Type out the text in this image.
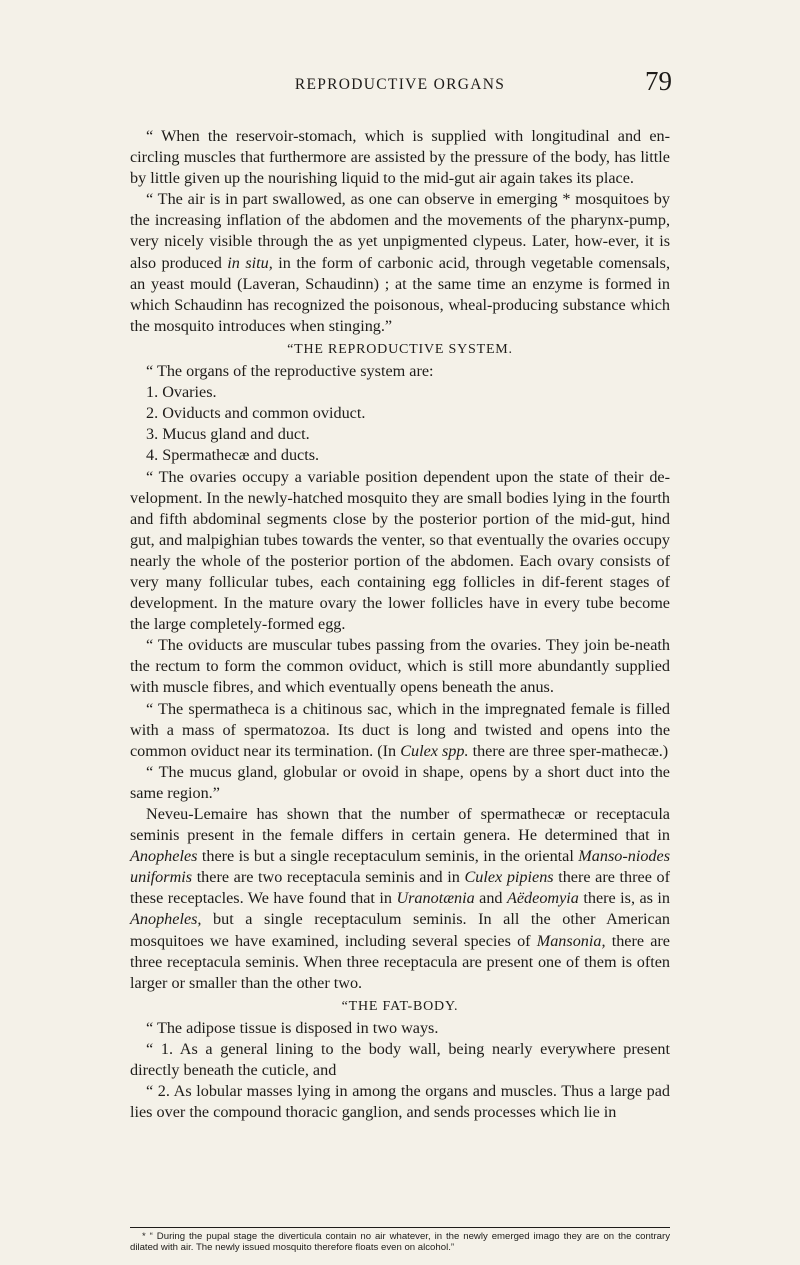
REPRODUCTIVE ORGANS	79

“ When the reservoir-stomach, which is supplied with longitudinal and en-circling muscles that furthermore are assisted by the pressure of the body, has little by little given up the nourishing liquid to the mid-gut air again takes its place.

“ The air is in part swallowed, as one can observe in emerging * mosquitoes by the increasing inflation of the abdomen and the movements of the pharynx-pump, very nicely visible through the as yet unpigmented clypeus. Later, how-ever, it is also produced in situ, in the form of carbonic acid, through vegetable comensals, an yeast mould (Laveran, Schaudinn) ; at the same time an enzyme is formed in which Schaudinn has recognized the poisonous, wheal-producing substance which the mosquito introduces when stinging.”

“THE REPRODUCTIVE SYSTEM.

“ The organs of the reproductive system are:

1. Ovaries.

2. Oviducts and common oviduct.

3. Mucus gland and duct.

4. Spermathecæ and ducts.

“ The ovaries occupy a variable position dependent upon the state of their de-velopment. In the newly-hatched mosquito they are small bodies lying in the fourth and fifth abdominal segments close by the posterior portion of the mid-gut, hind gut, and malpighian tubes towards the venter, so that eventually the ovaries occupy nearly the whole of the posterior portion of the abdomen. Each ovary consists of very many follicular tubes, each containing egg follicles in dif-ferent stages of development. In the mature ovary the lower follicles have in every tube become the large completely-formed egg.

“ The oviducts are muscular tubes passing from the ovaries. They join be-neath the rectum to form the common oviduct, which is still more abundantly supplied with muscle fibres, and which eventually opens beneath the anus.

“ The spermatheca is a chitinous sac, which in the impregnated female is filled with a mass of spermatozoa. Its duct is long and twisted and opens into the common oviduct near its termination. (In Culex spp. there are three sper-mathecæ.)

“ The mucus gland, globular or ovoid in shape, opens by a short duct into the same region.”

Neveu-Lemaire has shown that the number of spermathecæ or receptacula seminis present in the female differs in certain genera. He determined that in Anopheles there is but a single receptaculum seminis, in the oriental Manso-niodes uniformis there are two receptacula seminis and in Culex pipiens there are three of these receptacles. We have found that in Uranotænia and Aëdeomyia there is, as in Anopheles, but a single receptaculum seminis. In all the other American mosquitoes we have examined, including several species of Mansonia, there are three receptacula seminis. When three receptacula are present one of them is often larger or smaller than the other two.

“THE FAT-BODY.

“ The adipose tissue is disposed in two ways.

“ 1. As a general lining to the body wall, being nearly everywhere present directly beneath the cuticle, and

“ 2. As lobular masses lying in among the organs and muscles. Thus a large pad lies over the compound thoracic ganglion, and sends processes which lie in

* “ During the pupal stage the diverticula contain no air whatever, in the newly emerged imago they are on the contrary dilated with air. The newly issued mosquito therefore floats even on alcohol.”
